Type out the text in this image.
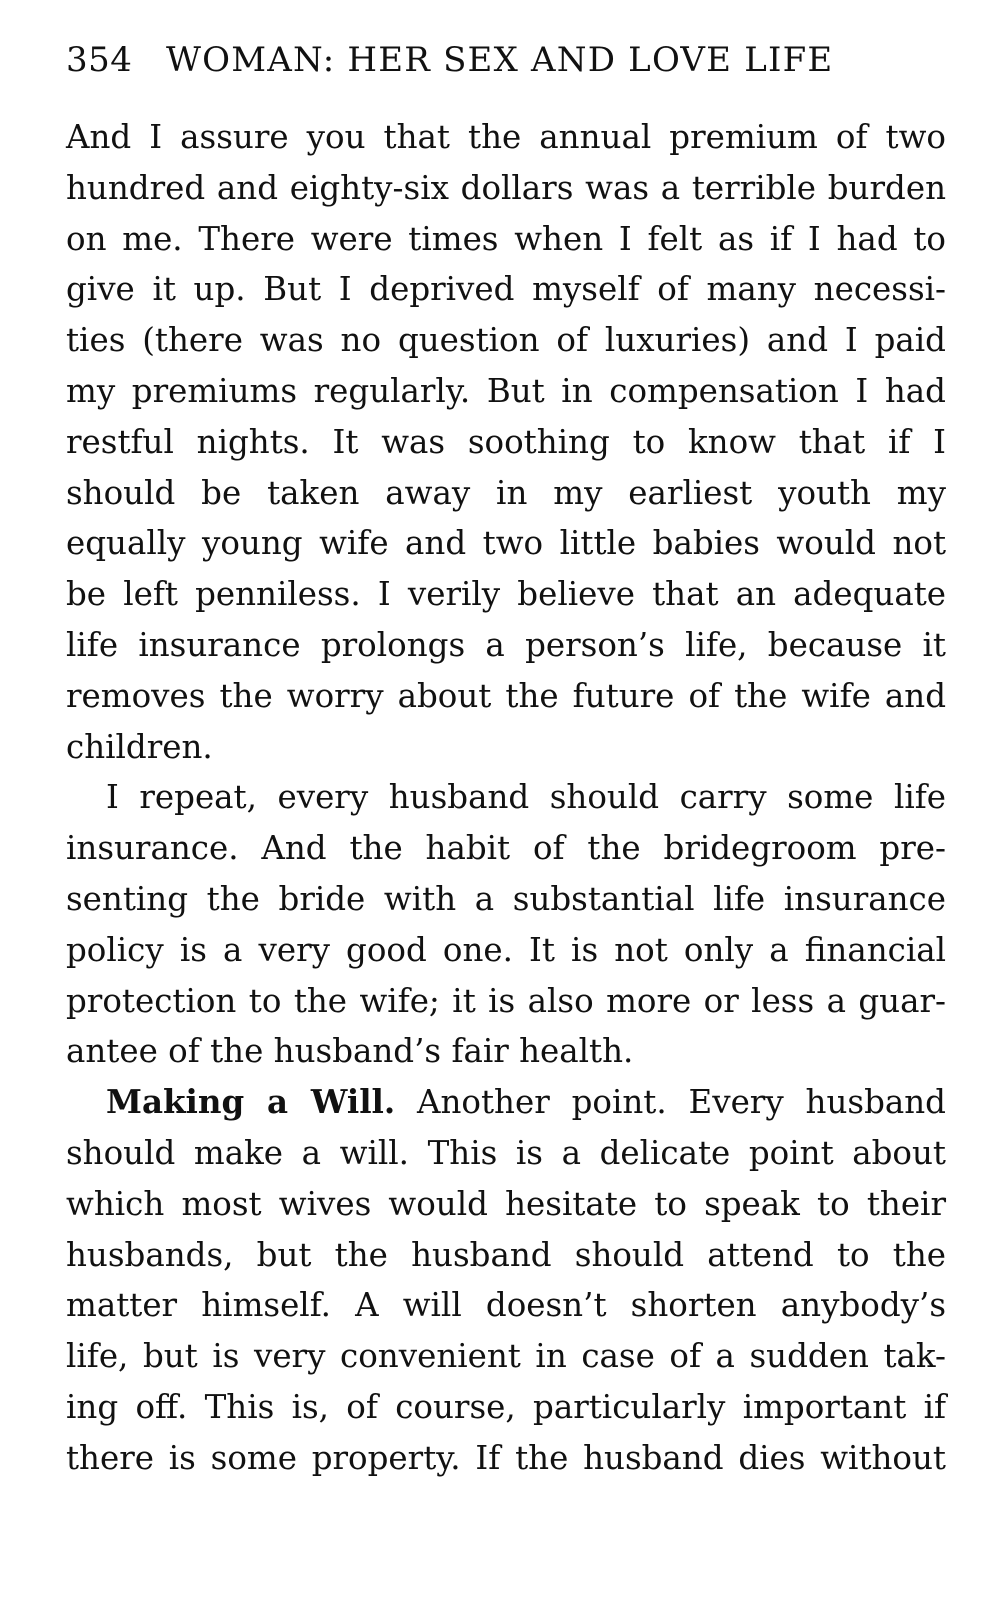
354 WOMAN: HER SEX AND LOVE LIFE
And I assure you that the annual premium of two
hundred and eighty-six dollars was a terrible burden
on me. There were times when I felt as if I had to
give it up. But I deprived myself of many necessi-
ties (there was no question of luxuries) and I paid
my premiums regularly. But in compensation I had
restful nights. It was soothing to know that if I
should be taken away in my earliest youth my
equally young wife and two little babies would not
be left penniless. I verily believe that an adequate
life insurance prolongs a person’s life, because it
removes the worry about the future of the wife and
children.
I repeat, every husband should carry some life
insurance. And the habit of the bridegroom pre-
senting the bride with a substantial life insurance
policy is a very good one. It is not only a financial
protection to the wife; it is also more or less a guar-
antee of the husband’s fair health.
Making a Will. Another point. Every husband
should make a will. This is a delicate point about
which most wives would hesitate to speak to their
husbands, but the husband should attend to the
matter himself. A will doesn’t shorten anybody’s
life, but is very convenient in case of a sudden tak-
ing off. This is, of course, particularly important if
there is some property. If the husband dies without
